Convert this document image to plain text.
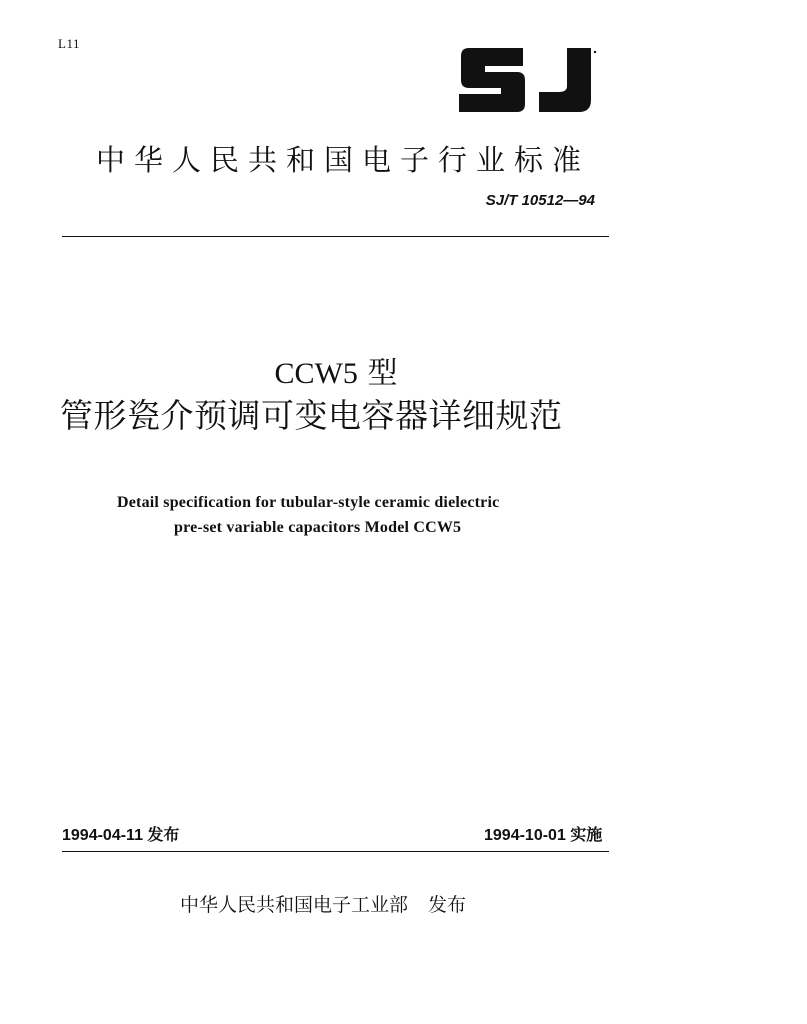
L11
中华人民共和国电子行业标准
SJ/T 10512—94
CCW5 型
管形瓷介预调可变电容器详细规范
Detail specification for tubular-style ceramic dielectric
pre-set variable capacitors Model CCW5
1994-04-11 发布	1994-10-01 实施
中华人民共和国电子工业部 发布
